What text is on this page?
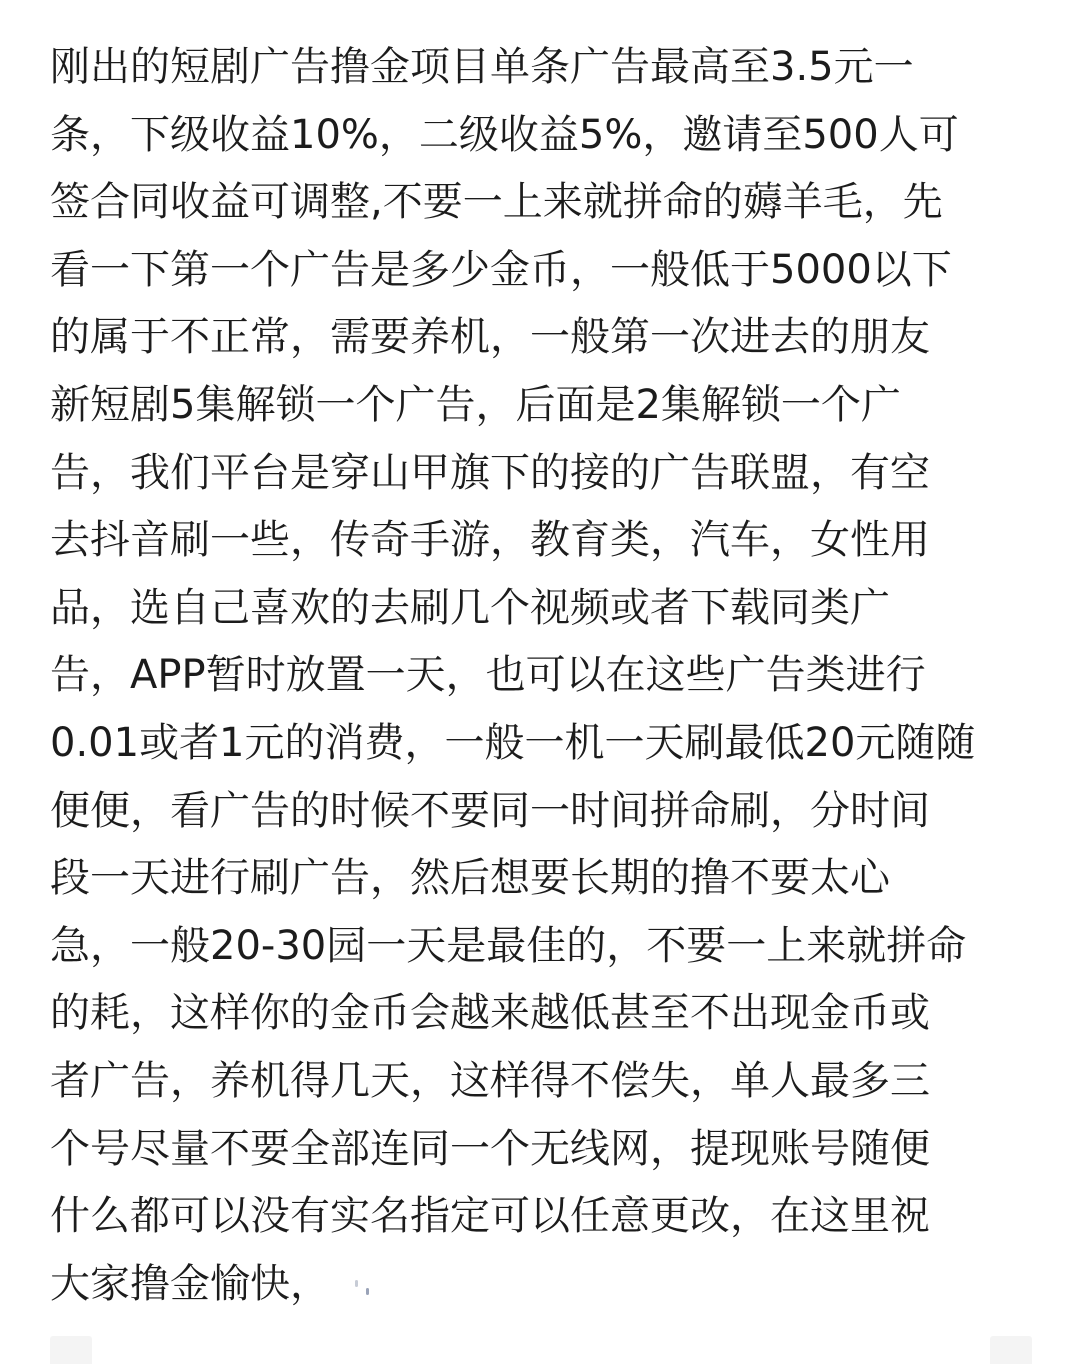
刚出的短剧广告撸金项目单条广告最高至3.5元一
条，下级收益10%，二级收益5%，邀请至500人可
签合同收益可调整,不要一上来就拼命的薅羊毛，先
看一下第一个广告是多少金币，一般低于5000以下
的属于不正常，需要养机，一般第一次进去的朋友
新短剧5集解锁一个广告，后面是2集解锁一个广
告，我们平台是穿山甲旗下的接的广告联盟，有空
去抖音刷一些，传奇手游，教育类，汽车，女性用
品，选自己喜欢的去刷几个视频或者下载同类广
告，APP暂时放置一天，也可以在这些广告类进行
0.01或者1元的消费，一般一机一天刷最低20元随随
便便，看广告的时候不要同一时间拼命刷，分时间
段一天进行刷广告，然后想要长期的撸不要太心
急，一般20-30园一天是最佳的，不要一上来就拼命
的耗，这样你的金币会越来越低甚至不出现金币或
者广告，养机得几天，这样得不偿失，单人最多三
个号尽量不要全部连同一个无线网，提现账号随便
什么都可以没有实名指定可以任意更改，在这里祝
大家撸金愉快，
